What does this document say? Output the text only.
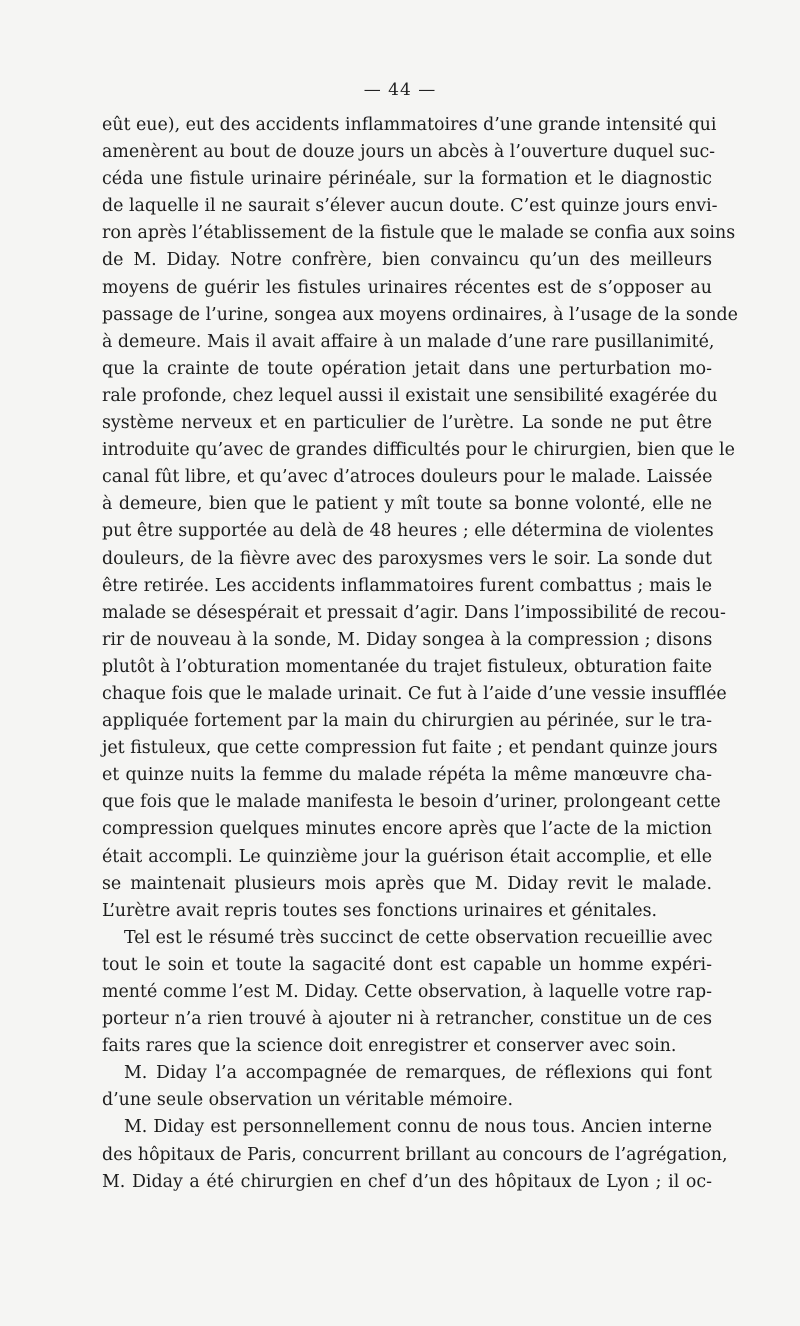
— 44 —
eût eue), eut des accidents inflammatoires d’une grande intensité qui
amenèrent au bout de douze jours un abcès à l’ouverture duquel suc-
céda une fistule urinaire périnéale, sur la formation et le diagnostic
de laquelle il ne saurait s’élever aucun doute. C’est quinze jours envi-
ron après l’établissement de la fistule que le malade se confia aux soins
de M. Diday. Notre confrère, bien convaincu qu’un des meilleurs
moyens de guérir les fistules urinaires récentes est de s’opposer au
passage de l’urine, songea aux moyens ordinaires, à l’usage de la sonde
à demeure. Mais il avait affaire à un malade d’une rare pusillanimité,
que la crainte de toute opération jetait dans une perturbation mo-
rale profonde, chez lequel aussi il existait une sensibilité exagérée du
système nerveux et en particulier de l’urètre. La sonde ne put être
introduite qu’avec de grandes difficultés pour le chirurgien, bien que le
canal fût libre, et qu’avec d’atroces douleurs pour le malade. Laissée
à demeure, bien que le patient y mît toute sa bonne volonté, elle ne
put être supportée au delà de 48 heures ; elle détermina de violentes
douleurs, de la fièvre avec des paroxysmes vers le soir. La sonde dut
être retirée. Les accidents inflammatoires furent combattus ; mais le
malade se désespérait et pressait d’agir. Dans l’impossibilité de recou-
rir de nouveau à la sonde, M. Diday songea à la compression ; disons
plutôt à l’obturation momentanée du trajet fistuleux, obturation faite
chaque fois que le malade urinait. Ce fut à l’aide d’une vessie insufflée
appliquée fortement par la main du chirurgien au périnée, sur le tra-
jet fistuleux, que cette compression fut faite ; et pendant quinze jours
et quinze nuits la femme du malade répéta la même manœuvre cha-
que fois que le malade manifesta le besoin d’uriner, prolongeant cette
compression quelques minutes encore après que l’acte de la miction
était accompli. Le quinzième jour la guérison était accomplie, et elle
se maintenait plusieurs mois après que M. Diday revit le malade.
L’urètre avait repris toutes ses fonctions urinaires et génitales.
Tel est le résumé très succinct de cette observation recueillie avec
tout le soin et toute la sagacité dont est capable un homme expéri-
menté comme l’est M. Diday. Cette observation, à laquelle votre rap-
porteur n’a rien trouvé à ajouter ni à retrancher, constitue un de ces
faits rares que la science doit enregistrer et conserver avec soin.
M. Diday l’a accompagnée de remarques, de réflexions qui font
d’une seule observation un véritable mémoire.
M. Diday est personnellement connu de nous tous. Ancien interne
des hôpitaux de Paris, concurrent brillant au concours de l’agrégation,
M. Diday a été chirurgien en chef d’un des hôpitaux de Lyon ; il oc-
